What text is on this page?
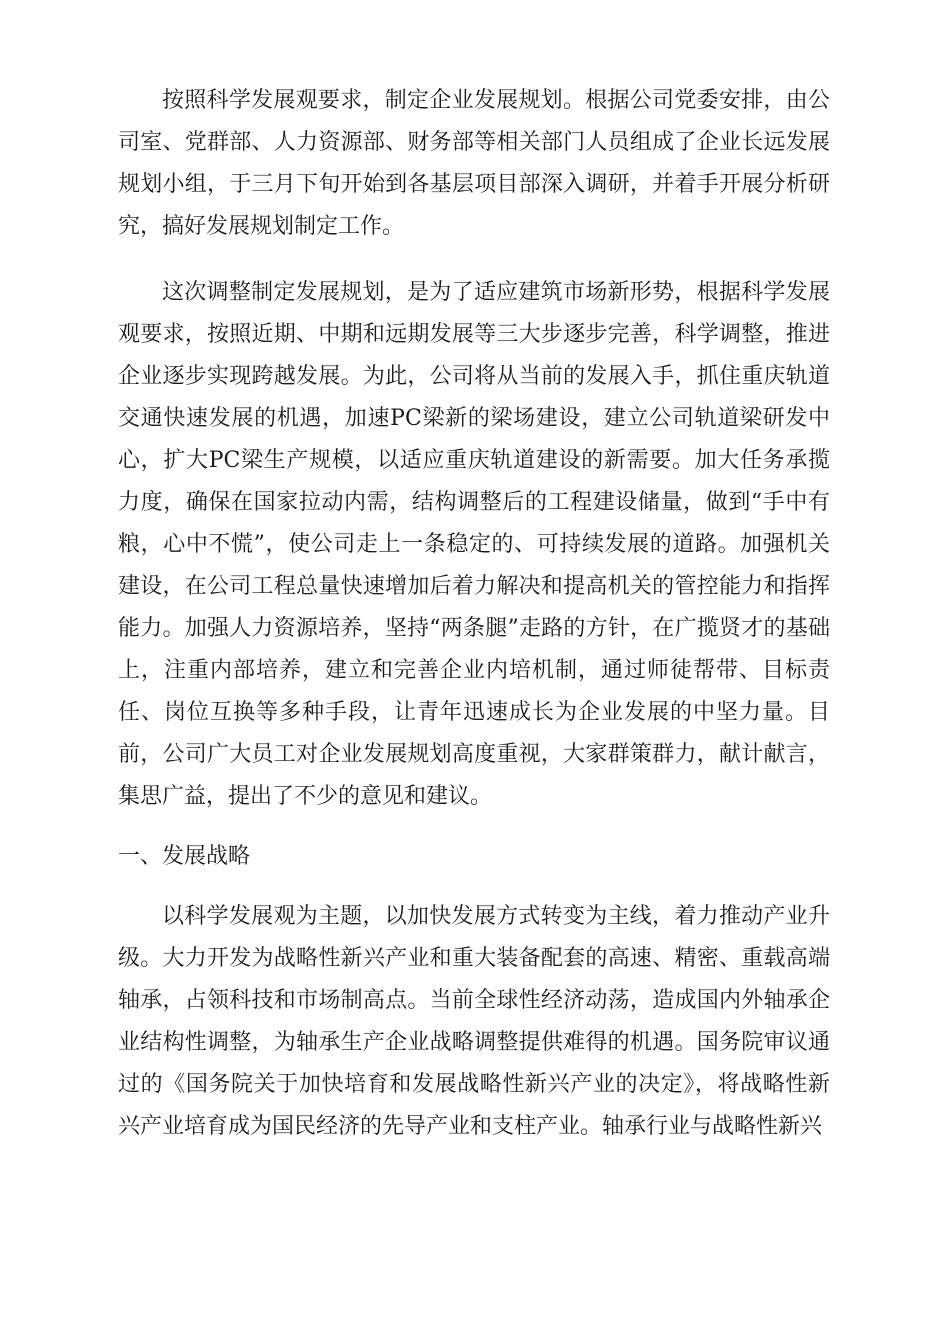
按照科学发展观要求，制定企业发展规划。根据公司党委安排，由公司室、党群部、人力资源部、财务部等相关部门人员组成了企业长远发展规划小组，于三月下旬开始到各基层项目部深入调研，并着手开展分析研究，搞好发展规划制定工作。

这次调整制定发展规划，是为了适应建筑市场新形势，根据科学发展观要求，按照近期、中期和远期发展等三大步逐步完善，科学调整，推进企业逐步实现跨越发展。为此，公司将从当前的发展入手，抓住重庆轨道交通快速发展的机遇，加速PC梁新的梁场建设，建立公司轨道梁研发中心，扩大PC梁生产规模，以适应重庆轨道建设的新需要。加大任务承揽力度，确保在国家拉动内需，结构调整后的工程建设储量，做到“手中有粮，心中不慌”，使公司走上一条稳定的、可持续发展的道路。加强机关建设，在公司工程总量快速增加后着力解决和提高机关的管控能力和指挥能力。加强人力资源培养，坚持“两条腿”走路的方针，在广揽贤才的基础上，注重内部培养，建立和完善企业内培机制，通过师徒帮带、目标责任、岗位互换等多种手段，让青年迅速成长为企业发展的中坚力量。目前，公司广大员工对企业发展规划高度重视，大家群策群力，献计献言，集思广益，提出了不少的意见和建议。

一、发展战略

以科学发展观为主题，以加快发展方式转变为主线，着力推动产业升级。大力开发为战略性新兴产业和重大装备配套的高速、精密、重载高端轴承，占领科技和市场制高点。当前全球性经济动荡，造成国内外轴承企业结构性调整，为轴承生产企业战略调整提供难得的机遇。国务院审议通过的《国务院关于加快培育和发展战略性新兴产业的决定》，将战略性新兴产业培育成为国民经济的先导产业和支柱产业。轴承行业与战略性新兴
